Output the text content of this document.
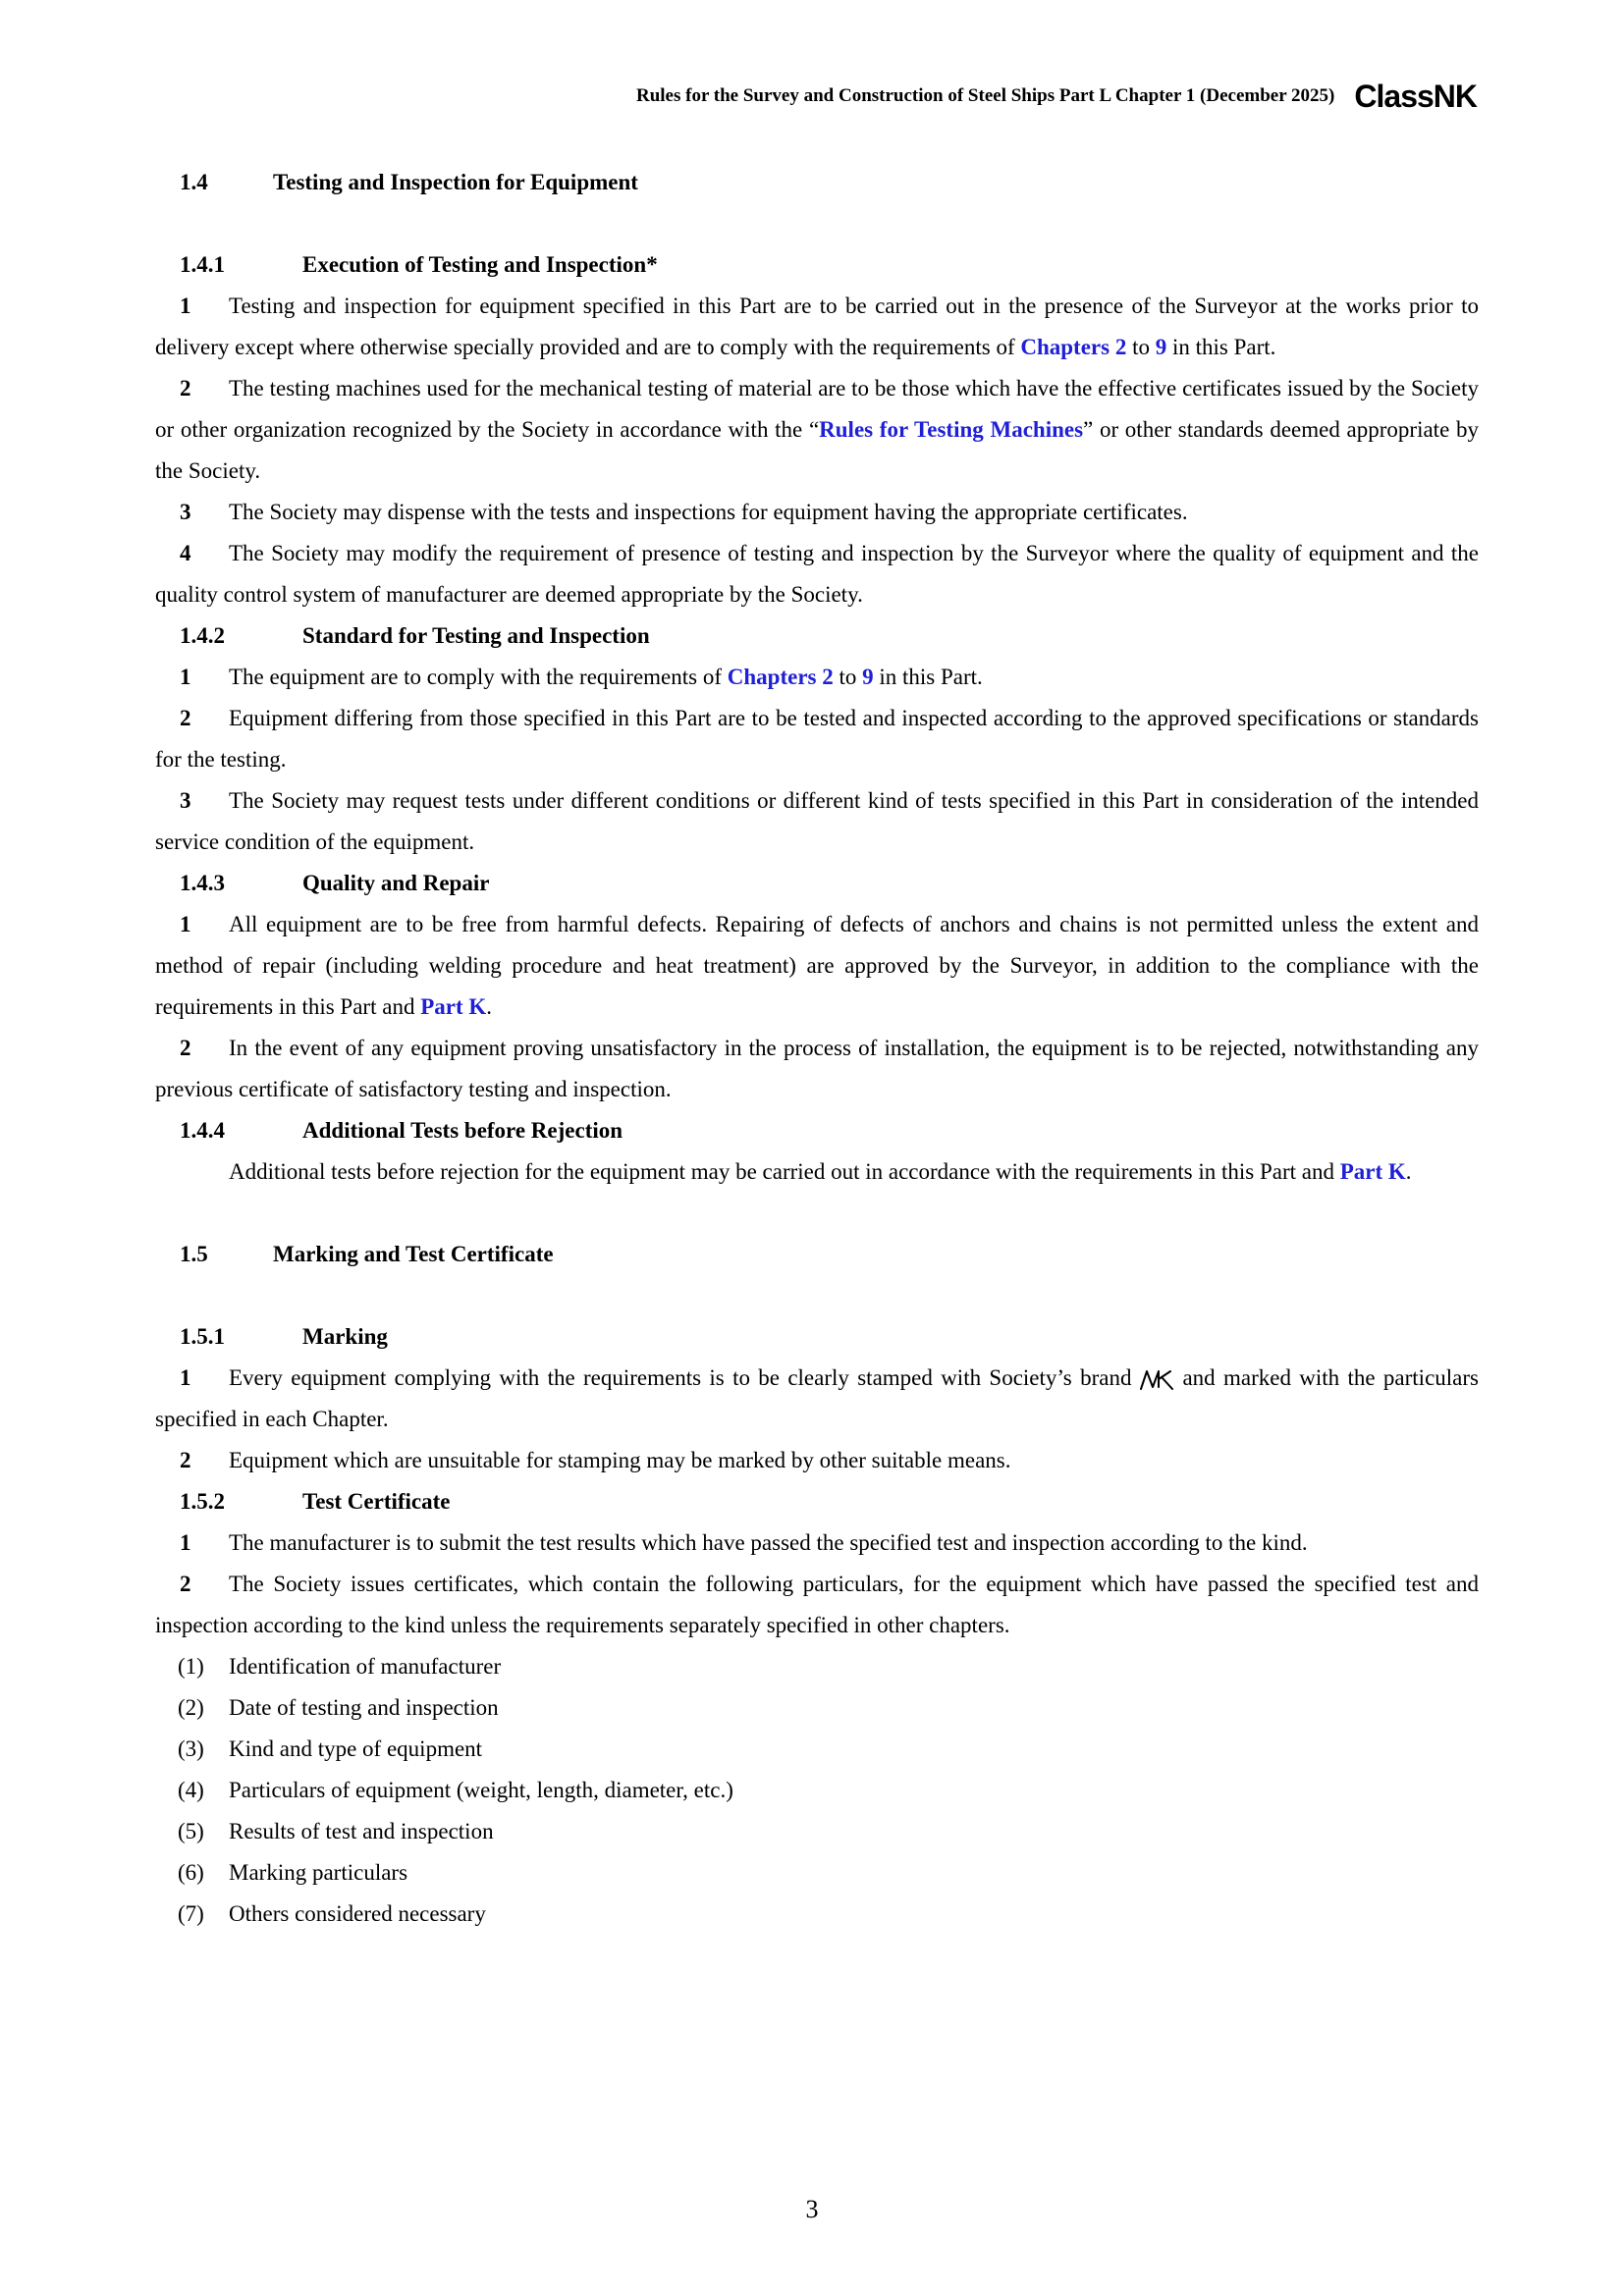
Rules for the Survey and Construction of Steel Ships Part L Chapter 1 (December 2025) ClassNK
1.4	Testing and Inspection for Equipment
1.4.1	Execution of Testing and Inspection*

1 Testing and inspection for equipment specified in this Part are to be carried out in the presence of the Surveyor at the works prior to delivery except where otherwise specially provided and are to comply with the requirements of Chapters 2 to 9 in this Part.

2 The testing machines used for the mechanical testing of material are to be those which have the effective certificates issued by the Society or other organization recognized by the Society in accordance with the “Rules for Testing Machines” or other standards deemed appropriate by the Society.

3 The Society may dispense with the tests and inspections for equipment having the appropriate certificates.

4 The Society may modify the requirement of presence of testing and inspection by the Surveyor where the quality of equipment and the quality control system of manufacturer are deemed appropriate by the Society.

1.4.2	Standard for Testing and Inspection

1 The equipment are to comply with the requirements of Chapters 2 to 9 in this Part.

2 Equipment differing from those specified in this Part are to be tested and inspected according to the approved specifications or standards for the testing.

3 The Society may request tests under different conditions or different kind of tests specified in this Part in consideration of the intended service condition of the equipment.

1.4.3	Quality and Repair

1 All equipment are to be free from harmful defects. Repairing of defects of anchors and chains is not permitted unless the extent and method of repair (including welding procedure and heat treatment) are approved by the Surveyor, in addition to the compliance with the requirements in this Part and Part K.

2 In the event of any equipment proving unsatisfactory in the process of installation, the equipment is to be rejected, notwithstanding any previous certificate of satisfactory testing and inspection.

1.4.4	Additional Tests before Rejection

Additional tests before rejection for the equipment may be carried out in accordance with the requirements in this Part and Part K.

1.5	Marking and Test Certificate
1.5.1	Marking

1 Every equipment complying with the requirements is to be clearly stamped with Society’s brand and marked with the particulars specified in each Chapter.

2 Equipment which are unsuitable for stamping may be marked by other suitable means.

1.5.2	Test Certificate

1 The manufacturer is to submit the test results which have passed the specified test and inspection according to the kind.

2 The Society issues certificates, which contain the following particulars, for the equipment which have passed the specified test and inspection according to the kind unless the requirements separately specified in other chapters.

(1)	Identification of manufacturer
(2)	Date of testing and inspection
(3)	Kind and type of equipment
(4)	Particulars of equipment (weight, length, diameter, etc.)
(5)	Results of test and inspection
(6)	Marking particulars
(7)	Others considered necessary
3
